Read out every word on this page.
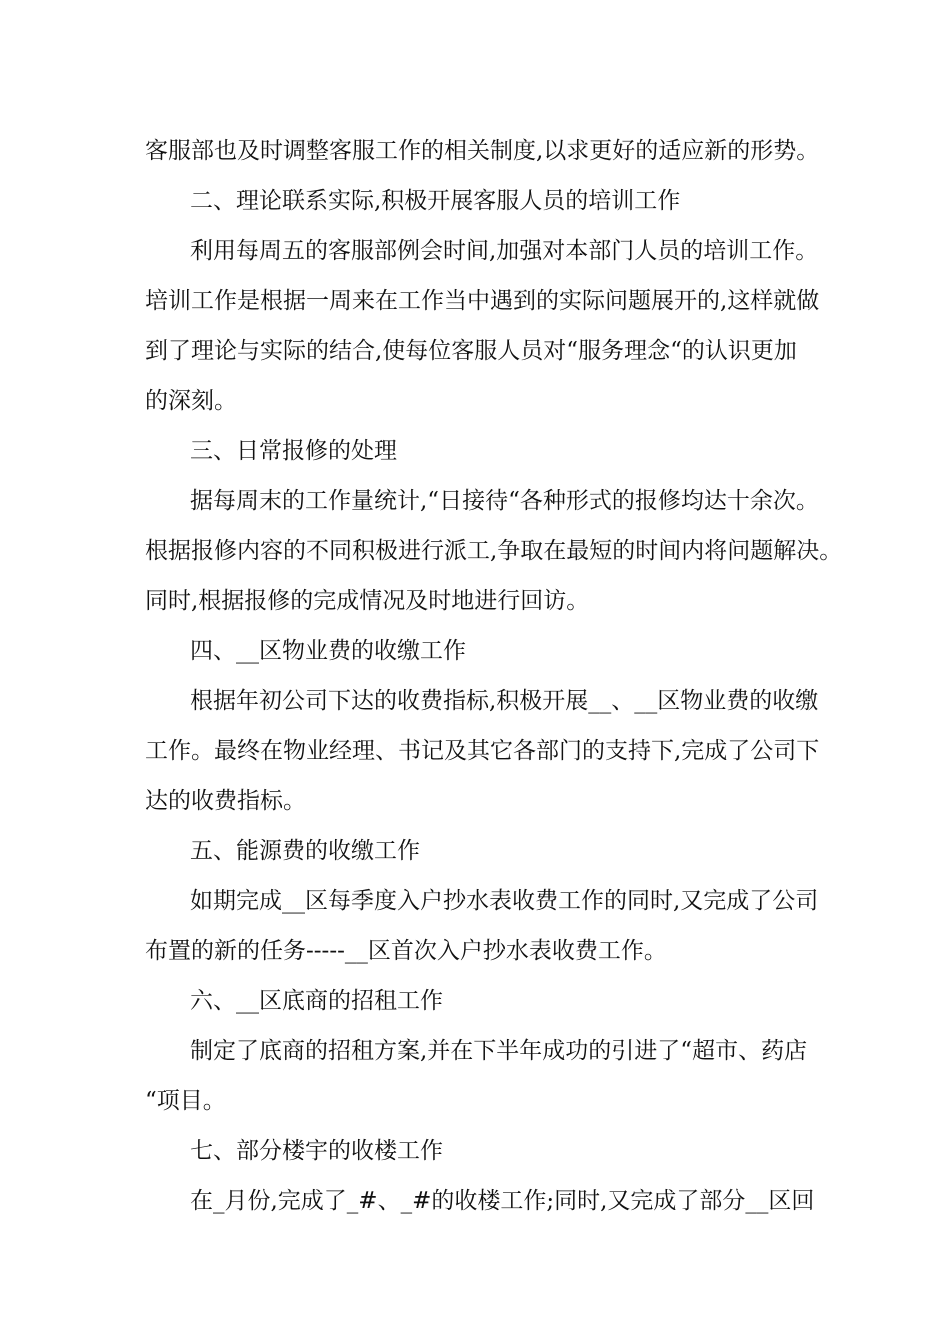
客服部也及时调整客服工作的相关制度,以求更好的适应新的形势。

二、理论联系实际,积极开展客服人员的培训工作

利用每周五的客服部例会时间,加强对本部门人员的培训工作。

培训工作是根据一周来在工作当中遇到的实际问题展开的,这样就做

到了理论与实际的结合,使每位客服人员对“服务理念“的认识更加

的深刻。

三、日常报修的处理

据每周末的工作量统计,“日接待“各种形式的报修均达十余次。

根据报修内容的不同积极进行派工,争取在最短的时间内将问题解决。

同时,根据报修的完成情况及时地进行回访。

四、__区物业费的收缴工作

根据年初公司下达的收费指标,积极开展__、__区物业费的收缴

工作。最终在物业经理、书记及其它各部门的支持下,完成了公司下

达的收费指标。

五、能源费的收缴工作

如期完成__区每季度入户抄水表收费工作的同时,又完成了公司

布置的新的任务-----__区首次入户抄水表收费工作。

六、__区底商的招租工作

制定了底商的招租方案,并在下半年成功的引进了“超市、药店

“项目。

七、部分楼宇的收楼工作

在_月份,完成了_#、_#的收楼工作;同时,又完成了部分__区回
